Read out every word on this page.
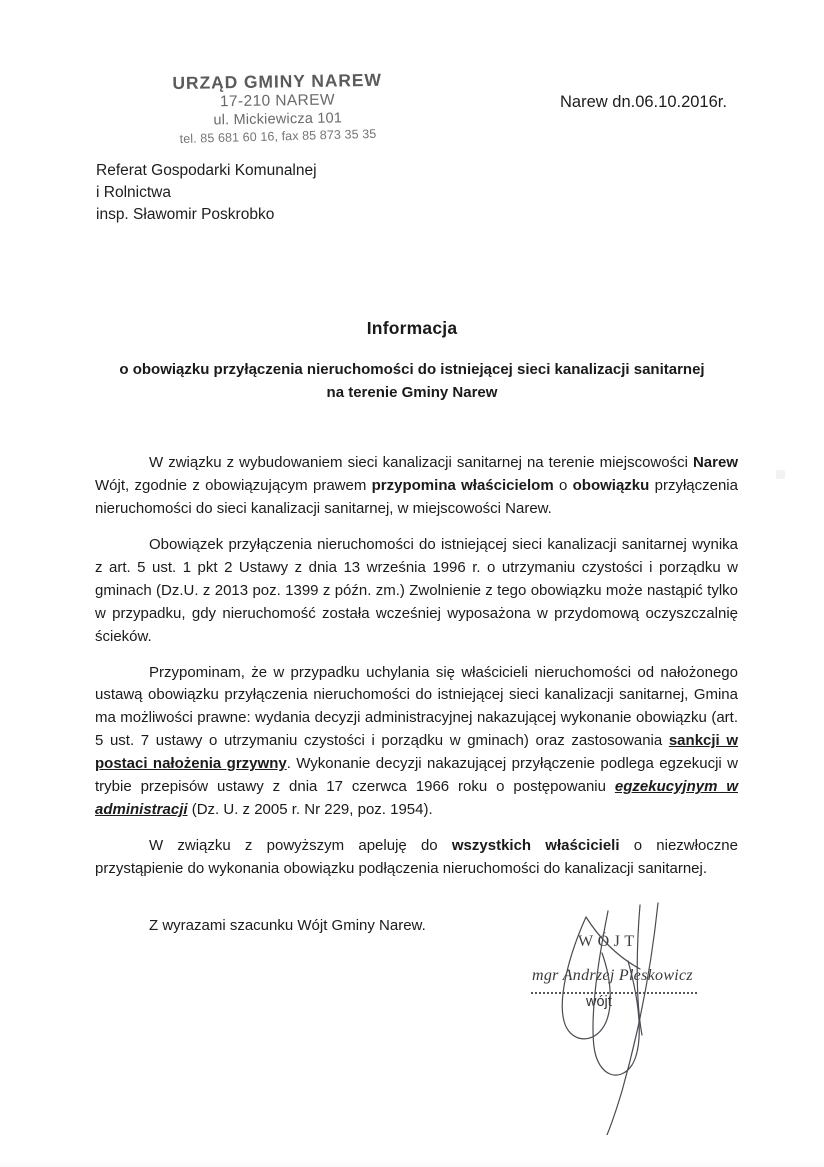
URZĄD GMINY NAREW
17-210 NAREW
ul. Mickiewicza 101
tel. 85 681 60 16, fax 85 873 35 35
Narew dn.06.10.2016r.
Referat Gospodarki Komunalnej
i Rolnictwa
insp. Sławomir Poskrobko
Informacja
o obowiązku przyłączenia nieruchomości do istniejącej sieci kanalizacji sanitarnej na terenie Gminy Narew

W związku z wybudowaniem sieci kanalizacji sanitarnej na terenie miejscowości Narew Wójt, zgodnie z obowiązującym prawem przypomina właścicielom o obowiązku przyłączenia nieruchomości do sieci kanalizacji sanitarnej, w miejscowości Narew.

Obowiązek przyłączenia nieruchomości do istniejącej sieci kanalizacji sanitarnej wynika z art. 5 ust. 1 pkt 2 Ustawy z dnia 13 września 1996 r. o utrzymaniu czystości i porządku w gminach (Dz.U. z 2013 poz. 1399 z późn. zm.) Zwolnienie z tego obowiązku może nastąpić tylko w przypadku, gdy nieruchomość została wcześniej wyposażona w przydomową oczyszczalnię ścieków.

Przypominam, że w przypadku uchylania się właścicieli nieruchomości od nałożonego ustawą obowiązku przyłączenia nieruchomości do istniejącej sieci kanalizacji sanitarnej, Gmina ma możliwości prawne: wydania decyzji administracyjnej nakazującej wykonanie obowiązku (art. 5 ust. 7 ustawy o utrzymaniu czystości i porządku w gminach) oraz zastosowania sankcji w postaci nałożenia grzywny. Wykonanie decyzji nakazującej przyłączenie podlega egzekucji w trybie przepisów ustawy z dnia 17 czerwca 1966 roku o postępowaniu egzekucyjnym w administracji (Dz. U. z 2005 r. Nr 229, poz. 1954).

W związku z powyższym apeluję do wszystkich właścicieli o niezwłoczne przystąpienie do wykonania obowiązku podłączenia nieruchomości do kanalizacji sanitarnej.

Z wyrazami szacunku Wójt Gminy Narew.
WÓJT
mgr Andrzej Pleskowicz
wójt
